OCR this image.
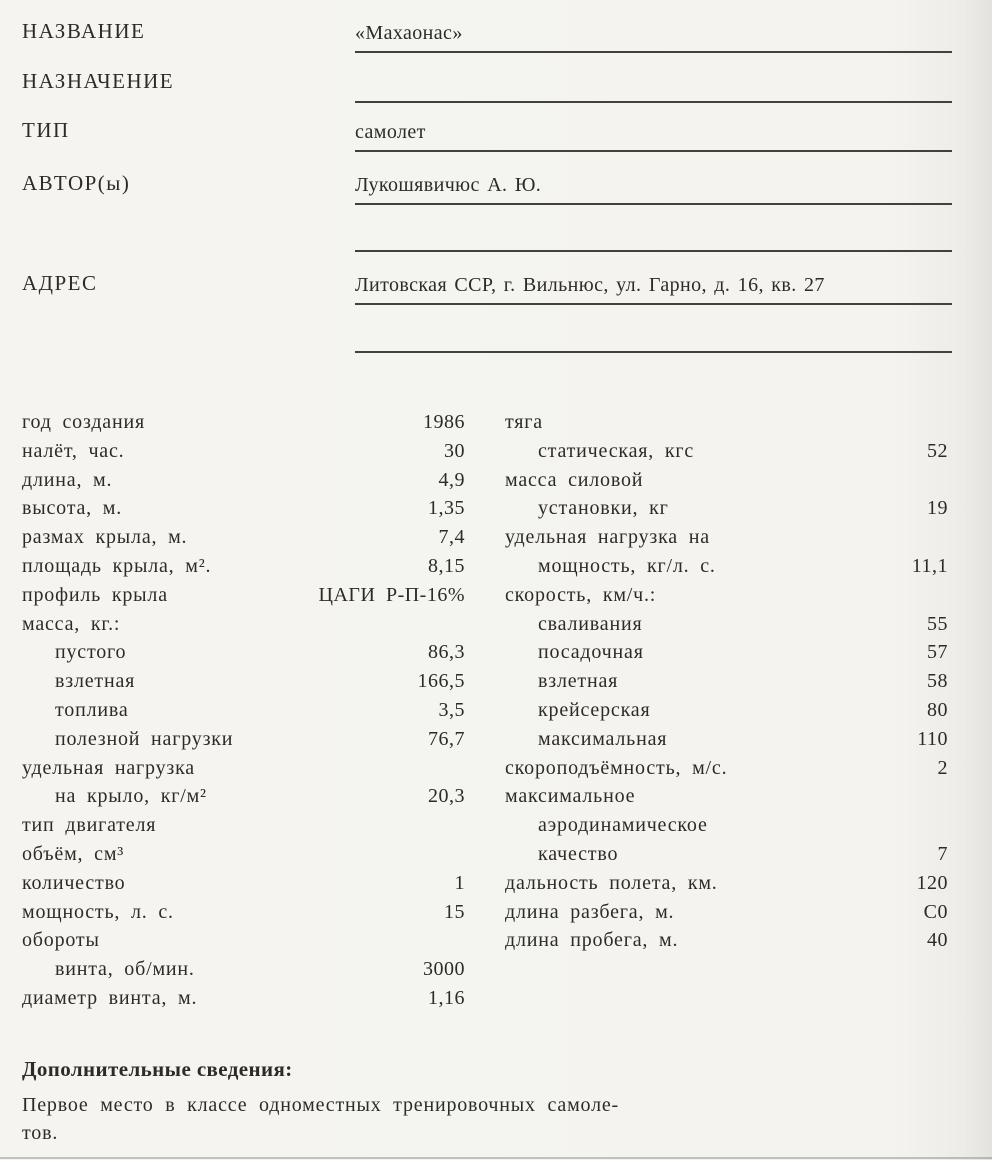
НАЗВАНИЕ	«Махаонас»
НАЗНАЧЕНИЕ
ТИП	самолет
АВТОР(ы)	Лукошявичюс А. Ю.
АДРЕС	Литовская ССР, г. Вильнюс, ул. Гарно, д. 16, кв. 27
год создания	1986
налёт, час.	30
длина, м.	4,9
высота, м.	1,35
размах крыла, м.	7,4
площадь крыла, м².	8,15
профиль крыла	ЦАГИ Р-П-16%
масса, кг.:
пустого	86,3
взлетная	166,5
топлива	3,5
полезной нагрузки	76,7
удельная нагрузка
на крыло, кг/м²	20,3
тип двигателя
объём, см³
количество	1
мощность, л. с.	15
обороты
винта, об/мин.	3000
диаметр винта, м.	1,16
тяга
статическая, кгс	52
масса силовой
установки, кг	19
удельная нагрузка на
мощность, кг/л. с.	11,1
скорость, км/ч.:
сваливания	55
посадочная	57
взлетная	58
крейсерская	80
максимальная	110
скороподъёмность, м/с.	2
максимальное
аэродинамическое
качество	7
дальность полета, км.	120
длина разбега, м.	C0
длина пробега, м.	40
Дополнительные сведения:
Первое место в классе одноместных тренировочных самоле-
тов.
